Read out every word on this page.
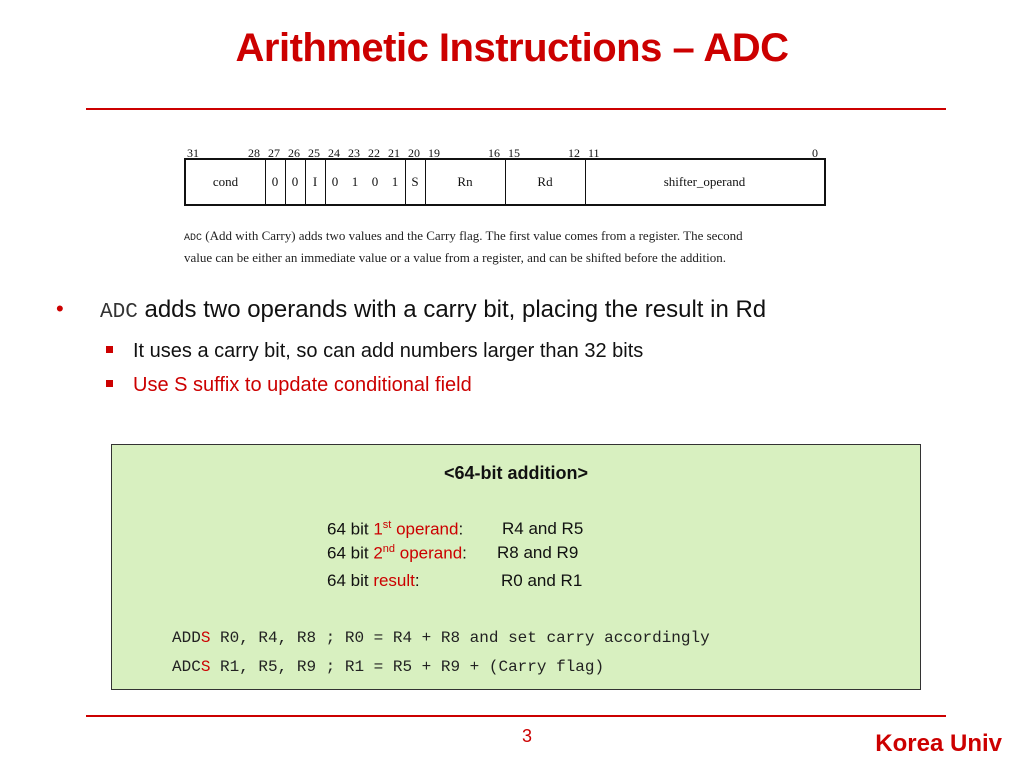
Arithmetic Instructions – ADC
31	28 27 26 25 24 23 22 21 20 19	16 15	12 11	0
cond	0	0	I	0	1	0	1	S	Rn	Rd	shifter_operand
ADC (Add with Carry) adds two values and the Carry flag. The first value comes from a register. The second
value can be either an immediate value or a value from a register, and can be shifted before the addition.
• ADC adds two operands with a carry bit, placing the result in Rd
It uses a carry bit, so can add numbers larger than 32 bits
Use S suffix to update conditional field
<64-bit addition>
64 bit 1st operand: R4 and R5
64 bit 2nd operand: R8 and R9
64 bit result:	R0 and R1
ADDS R0, R4, R8 ; R0 = R4 + R8 and set carry accordingly
ADCS R1, R5, R9 ; R1 = R5 + R9 + (Carry flag)
3	Korea Univ
